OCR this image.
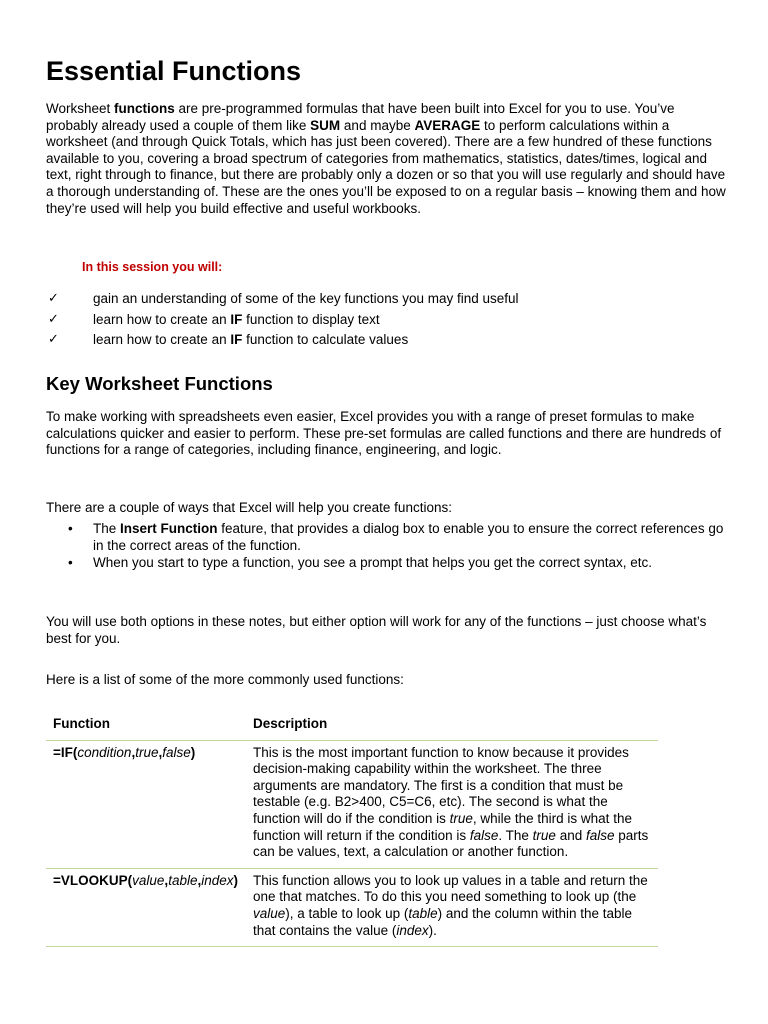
Essential Functions

Worksheet functions are pre-programmed formulas that have been built into Excel for you to use. You’ve probably already used a couple of them like SUM and maybe AVERAGE to perform calculations within a worksheet (and through Quick Totals, which has just been covered). There are a few hundred of these functions available to you, covering a broad spectrum of categories from mathematics, statistics, dates/times, logical and text, right through to finance, but there are probably only a dozen or so that you will use regularly and should have a thorough understanding of. These are the ones you’ll be exposed to on a regular basis – knowing them and how they’re used will help you build effective and useful workbooks.

In this session you will:
✓	gain an understanding of some of the key functions you may find useful
✓	learn how to create an IF function to display text
✓	learn how to create an IF function to calculate values
Key Worksheet Functions

To make working with spreadsheets even easier, Excel provides you with a range of preset formulas to make calculations quicker and easier to perform. These pre-set formulas are called functions and there are hundreds of functions for a range of categories, including finance, engineering, and logic.

There are a couple of ways that Excel will help you create functions:

• The Insert Function feature, that provides a dialog box to enable you to ensure the correct references go in the correct areas of the function.
• When you start to type a function, you see a prompt that helps you get the correct syntax, etc.

You will use both options in these notes, but either option will work for any of the functions – just choose what’s best for you.

Here is a list of some of the more commonly used functions:

Function	Description
=IF(condition,true,false)	This is the most important function to know because it provides decision-making capability within the worksheet. The three arguments are mandatory. The first is a condition that must be testable (e.g. B2>400, C5=C6, etc). The second is what the function will do if the condition is true, while the third is what the function will return if the condition is false. The true and false parts can be values, text, a calculation or another function.
=VLOOKUP(value,table,index)	This function allows you to look up values in a table and return the one that matches. To do this you need something to look up (the value), a table to look up (table) and the column within the table that contains the value (index).
